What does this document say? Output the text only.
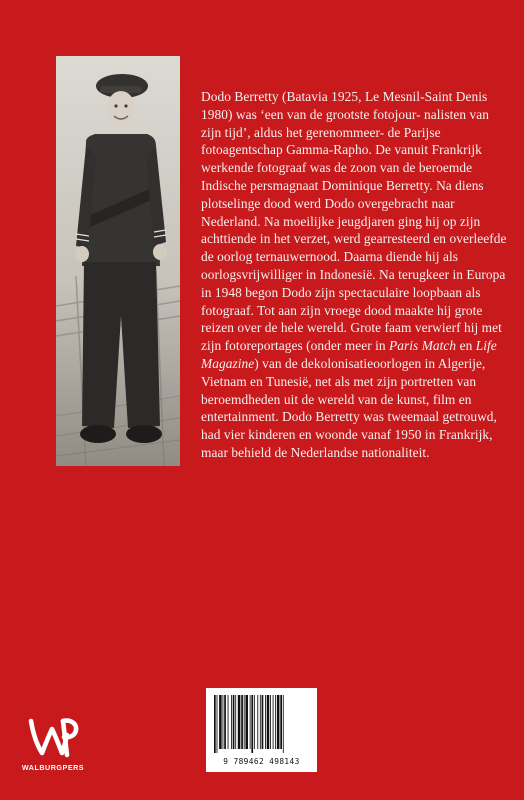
Dodo Berretty (Batavia 1925, Le Mesnil-Saint Denis 1980) was ‘een van de grootste fotojour- nalisten van zijn tijd’, aldus het gerenommeer- de Parijse fotoagentschap Gamma-Rapho. De vanuit Frankrijk werkende fotograaf was de zoon van de beroemde Indische persmagnaat Dominique Berretty. Na diens plotselinge dood werd Dodo overgebracht naar Nederland. Na moeilijke jeugdjaren ging hij op zijn achttiende in het verzet, werd gearresteerd en overleefde de oorlog ternauwernood. Daarna diende hij als oorlogsvrijwilliger in Indonesië. Na terugkeer in Europa in 1948 begon Dodo zijn spectaculaire loopbaan als fotograaf. Tot aan zijn vroege dood maakte hij grote reizen over de hele wereld. Grote faam verwierf hij met zijn fotoreportages (onder meer in Paris Match en Life Magazine) van de dekolonisatieoorlogen in Algerije, Vietnam en Tunesië, net als met zijn portretten van beroemdheden uit de wereld van de kunst, film en entertainment. Dodo Berretty was tweemaal getrouwd, had vier kinderen en woonde vanaf 1950 in Frankrijk, maar behield de Nederlandse nationaliteit.

WALBURGPERS
9 789462 498143
